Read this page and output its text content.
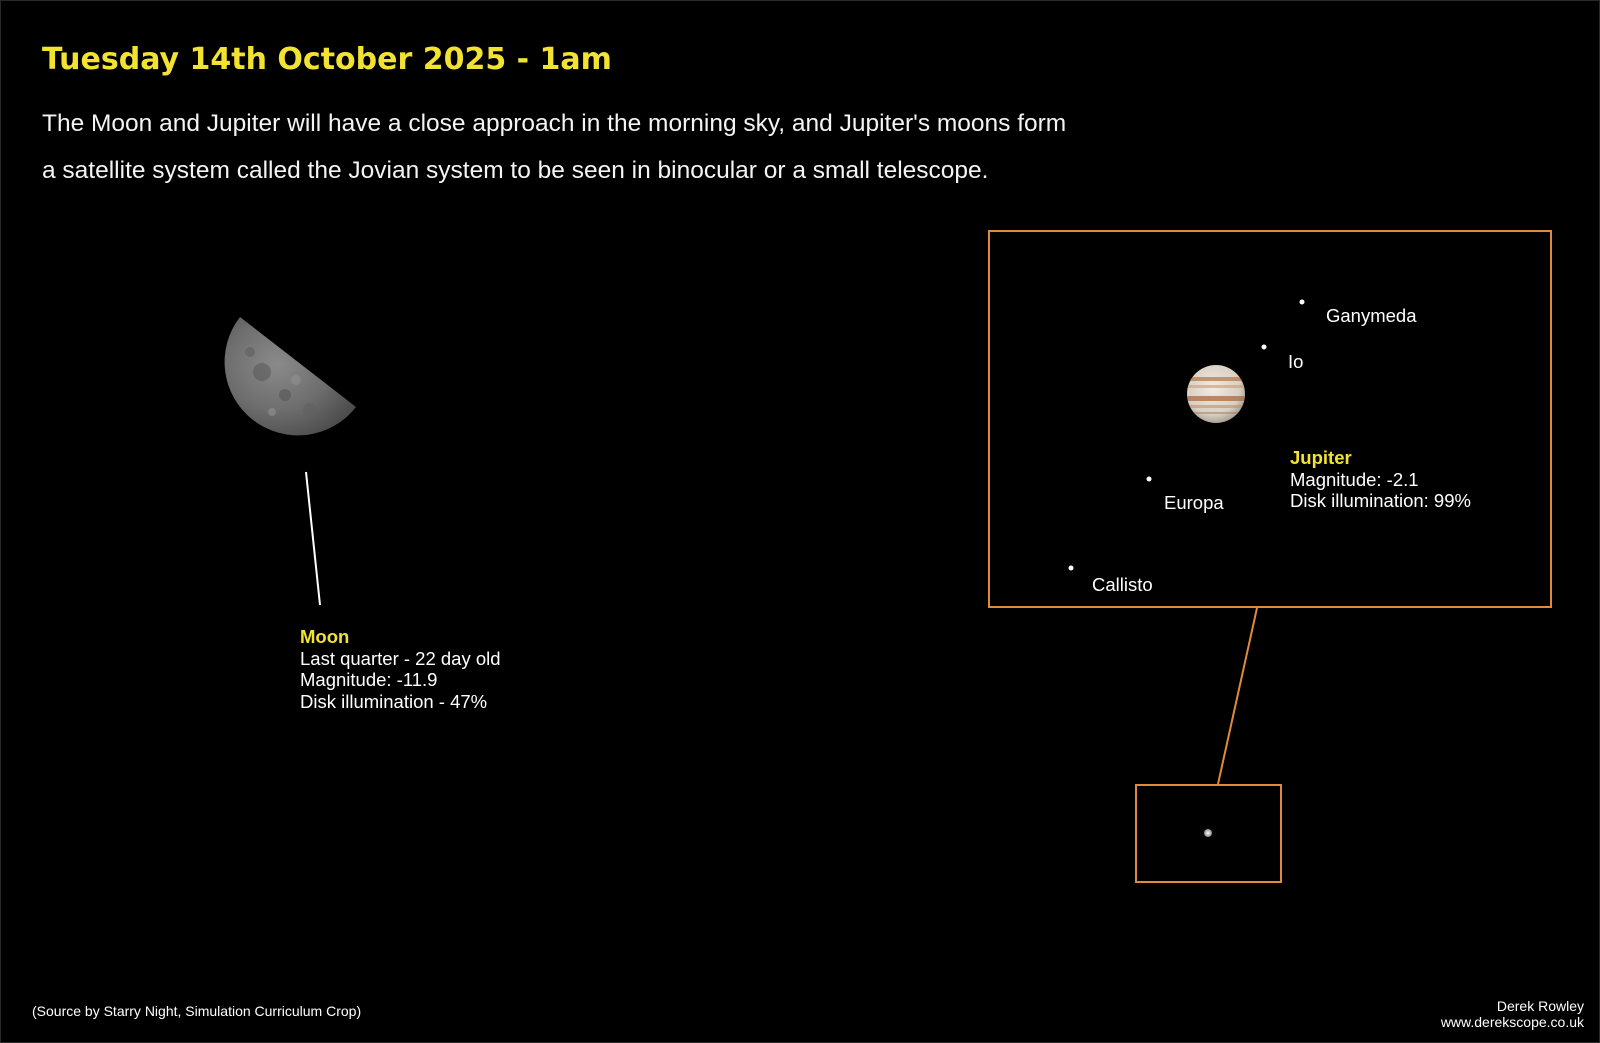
Tuesday 14th October 2025 - 1am
The Moon and Jupiter will have a close approach in the morning sky, and Jupiter's moons form
a satellite system called the Jovian system to be seen in binocular or a small telescope.
Ganymeda
Io
Europa
Callisto
Jupiter
Magnitude: -2.1
Disk illumination: 99%
Moon
Last quarter - 22 day old
Magnitude: -11.9
Disk illumination - 47%
(Source by Starry Night, Simulation Curriculum Crop)	Derek Rowley
www.derekscope.co.uk
